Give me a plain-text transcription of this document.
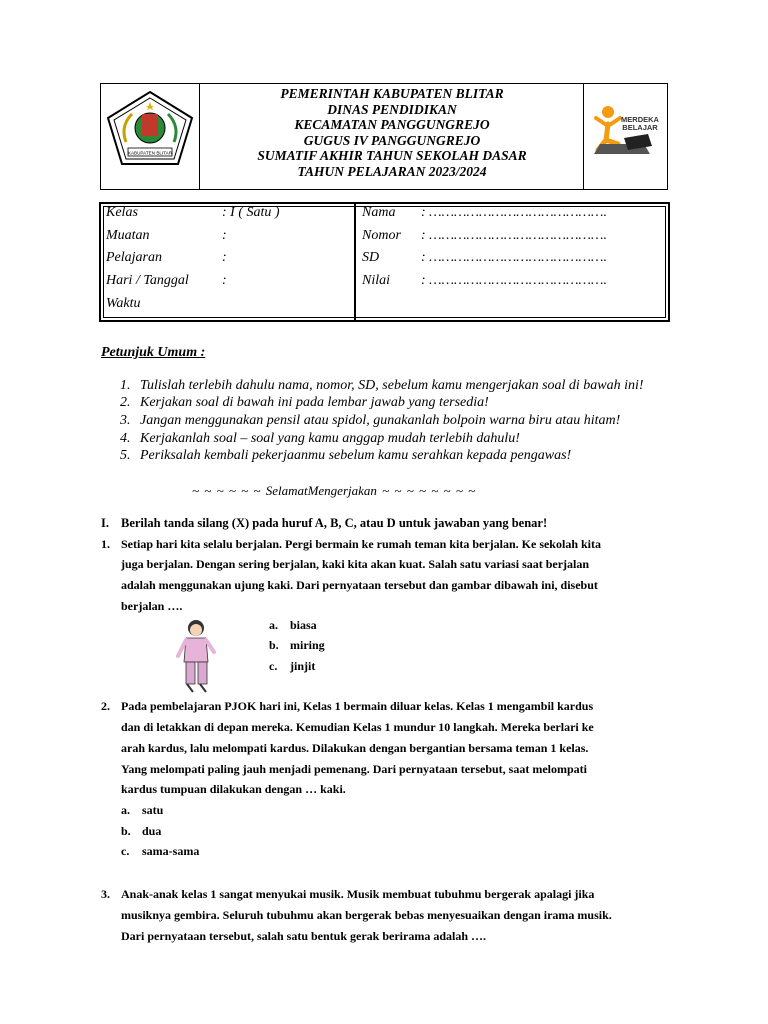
KABUPATEN BLITAR
PEMERINTAH KABUPATEN BLITAR
DINAS PENDIDIKAN
KECAMATAN PANGGUNGREJO
GUGUS IV PANGGUNGREJO
SUMATIF AKHIR TAHUN SEKOLAH DASAR
TAHUN PELAJARAN 2023/2024
MERDEKA
BELAJAR
Kelas	: I ( Satu )
Muatan	:
Pelajaran	:
Hari / Tanggal :
Waktu
Nama : …………………………………….
Nomor : …………………………………….
SD	: …………………………………….
Nilai : …………………………………….
Petunjuk Umum :
1. Tulislah terlebih dahulu nama, nomor, SD, sebelum kamu mengerjakan soal di bawah ini!
2. Kerjakan soal di bawah ini pada lembar jawab yang tersedia!
3. Jangan menggunakan pensil atau spidol, gunakanlah bolpoin warna biru atau hitam!
4. Kerjakanlah soal – soal yang kamu anggap mudah terlebih dahulu!
5. Periksalah kembali pekerjaanmu sebelum kamu serahkan kepada pengawas!
~ ~ ~ ~ ~ ~ SelamatMengerjakan ~ ~ ~ ~ ~ ~ ~ ~
I. Berilah tanda silang (X) pada huruf A, B, C, atau D untuk jawaban yang benar!
1. Setiap hari kita selalu berjalan. Pergi bermain ke rumah teman kita berjalan. Ke sekolah kita
juga berjalan. Dengan sering berjalan, kaki kita akan kuat. Salah satu variasi saat berjalan
adalah menggunakan ujung kaki. Dari pernyataan tersebut dan gambar dibawah ini, disebut
berjalan ….
a. biasa
b. miring
c. jinjit
2. Pada pembelajaran PJOK hari ini, Kelas 1 bermain diluar kelas. Kelas 1 mengambil kardus
dan di letakkan di depan mereka. Kemudian Kelas 1 mundur 10 langkah. Mereka berlari ke
arah kardus, lalu melompati kardus. Dilakukan dengan bergantian bersama teman 1 kelas.
Yang melompati paling jauh menjadi pemenang. Dari pernyataan tersebut, saat melompati
kardus tumpuan dilakukan dengan … kaki.
a. satu
b. dua
c. sama-sama
3. Anak-anak kelas 1 sangat menyukai musik. Musik membuat tubuhmu bergerak apalagi jika
musiknya gembira. Seluruh tubuhmu akan bergerak bebas menyesuaikan dengan irama musik.
Dari pernyataan tersebut, salah satu bentuk gerak berirama adalah ….
